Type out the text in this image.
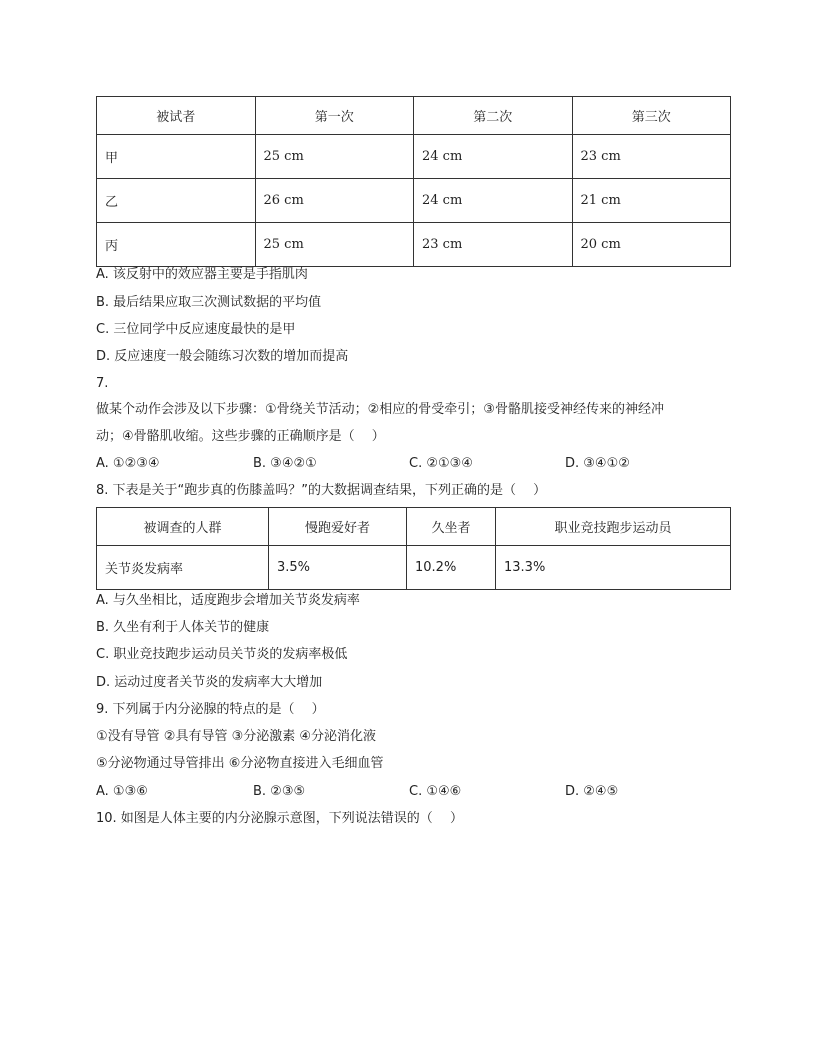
被试者	第一次	第二次	第三次
甲	25 cm	24 cm	23 cm
乙	26 cm	24 cm	21 cm
丙	25 cm	23 cm	20 cm
A. 该反射中的效应器主要是手指肌肉
B. 最后结果应取三次测试数据的平均值
C. 三位同学中反应速度最快的是甲
D. 反应速度一般会随练习次数的增加而提高
7.
做某个动作会涉及以下步骤：①骨绕关节活动；②相应的骨受牵引；③骨骼肌接受神经传来的神经冲
动；④骨骼肌收缩。这些步骤的正确顺序是（　 ）
A. ①②③④	B. ③④②①	C. ②①③④	D. ③④①②
8. 下表是关于“跑步真的伤膝盖吗？”的大数据调查结果，下列正确的是（　 ）
被调查的人群	慢跑爱好者	久坐者	职业竞技跑步运动员
关节炎发病率	3.5%	10.2%	13.3%
A. 与久坐相比，适度跑步会增加关节炎发病率
B. 久坐有利于人体关节的健康
C. 职业竞技跑步运动员关节炎的发病率极低
D. 运动过度者关节炎的发病率大大增加
9. 下列属于内分泌腺的特点的是（　 ）
①没有导管 ②具有导管 ③分泌激素 ④分泌消化液
⑤分泌物通过导管排出 ⑥分泌物直接进入毛细血管
A. ①③⑥	B. ②③⑤	C. ①④⑥	D. ②④⑤
10. 如图是人体主要的内分泌腺示意图，下列说法错误的（　 ）
